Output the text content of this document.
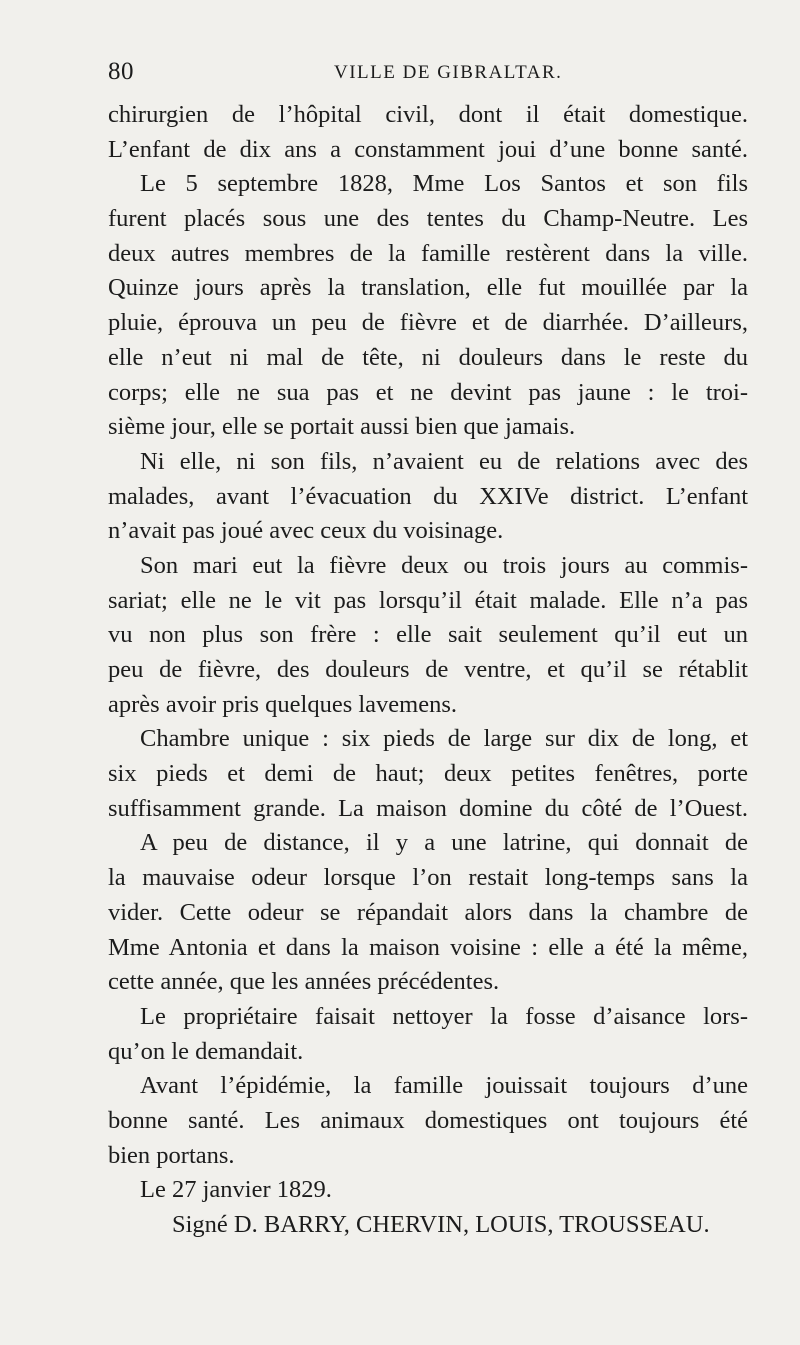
80	VILLE DE GIBRALTAR.
chirurgien de l’hôpital civil, dont il était domestique.
L’enfant de dix ans a constamment joui d’une bonne santé.
Le 5 septembre 1828, Mme Los Santos et son fils
furent placés sous une des tentes du Champ-Neutre. Les
deux autres membres de la famille restèrent dans la ville.
Quinze jours après la translation, elle fut mouillée par la
pluie, éprouva un peu de fièvre et de diarrhée. D’ailleurs,
elle n’eut ni mal de tête, ni douleurs dans le reste du
corps; elle ne sua pas et ne devint pas jaune : le troi-
sième jour, elle se portait aussi bien que jamais.
Ni elle, ni son fils, n’avaient eu de relations avec des
malades, avant l’évacuation du XXIVe district. L’enfant
n’avait pas joué avec ceux du voisinage.
Son mari eut la fièvre deux ou trois jours au commis-
sariat; elle ne le vit pas lorsqu’il était malade. Elle n’a pas
vu non plus son frère : elle sait seulement qu’il eut un
peu de fièvre, des douleurs de ventre, et qu’il se rétablit
après avoir pris quelques lavemens.
Chambre unique : six pieds de large sur dix de long, et
six pieds et demi de haut; deux petites fenêtres, porte
suffisamment grande. La maison domine du côté de l’Ouest.
A peu de distance, il y a une latrine, qui donnait de
la mauvaise odeur lorsque l’on restait long-temps sans la
vider. Cette odeur se répandait alors dans la chambre de
Mme Antonia et dans la maison voisine : elle a été la même,
cette année, que les années précédentes.
Le propriétaire faisait nettoyer la fosse d’aisance lors-
qu’on le demandait.
Avant l’épidémie, la famille jouissait toujours d’une
bonne santé. Les animaux domestiques ont toujours été
bien portans.
Le 27 janvier 1829.
Signé D. BARRY, CHERVIN, LOUIS, TROUSSEAU.
